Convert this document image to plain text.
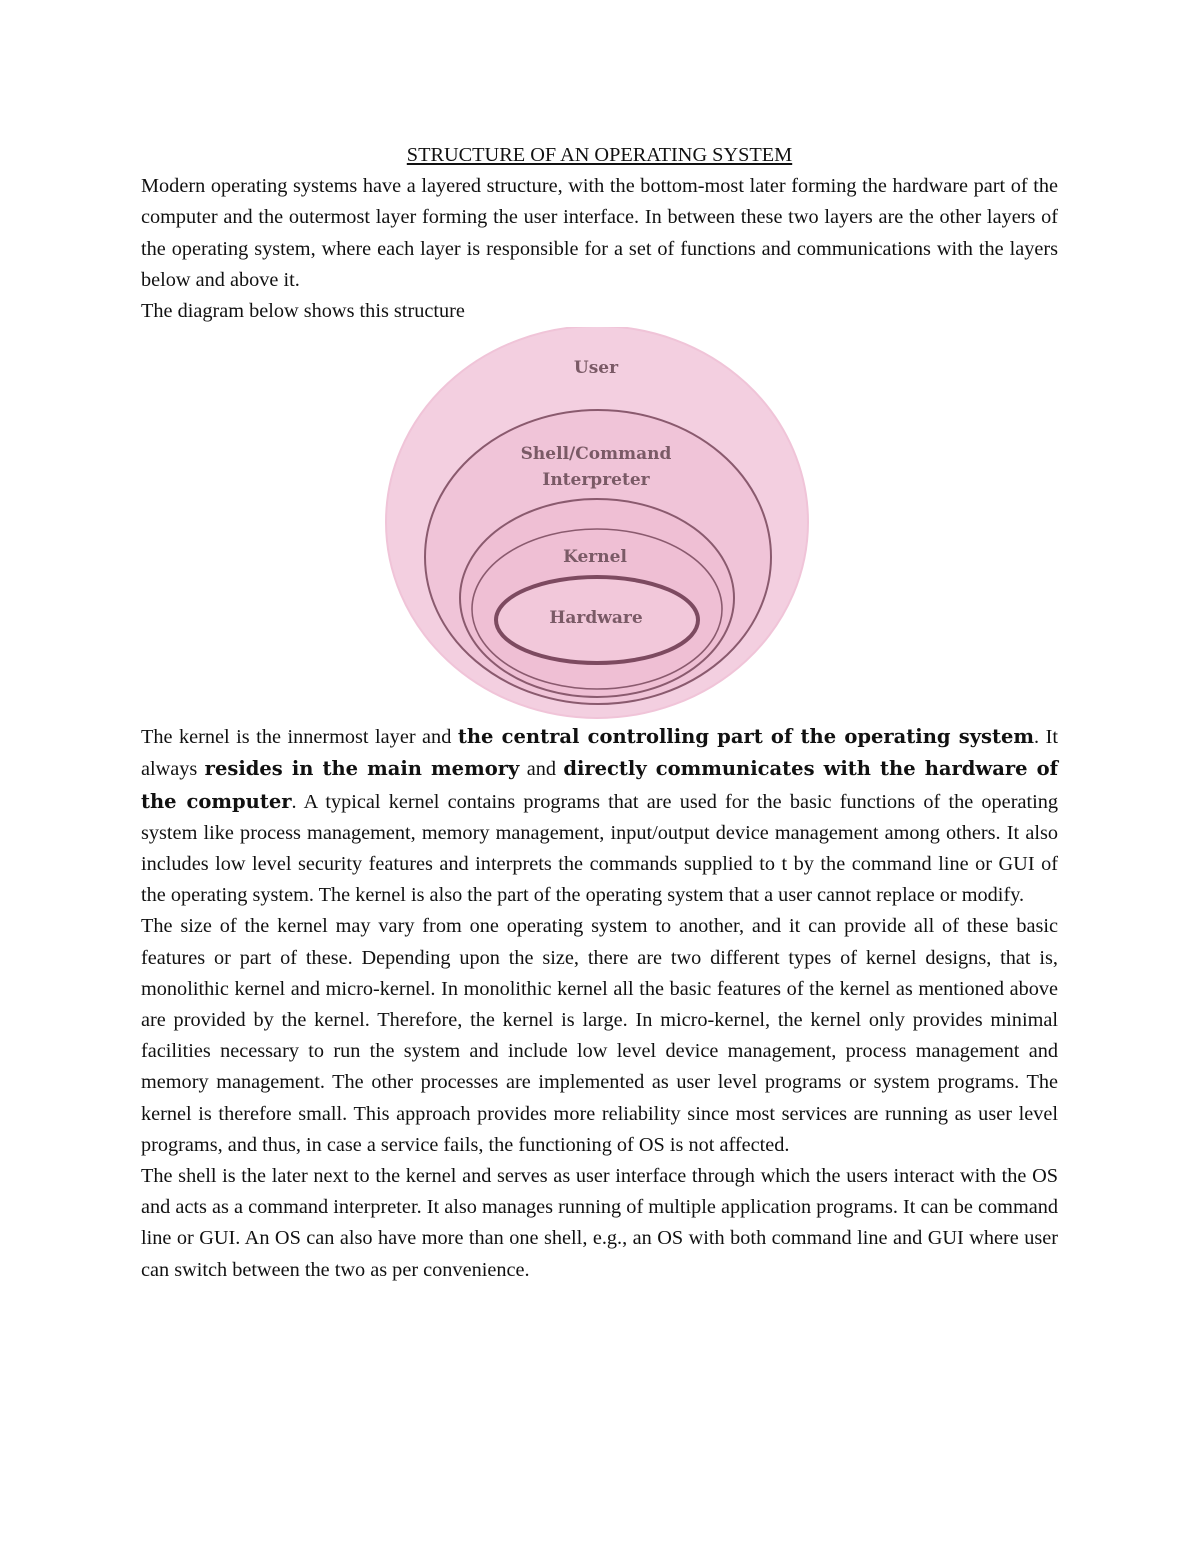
STRUCTURE OF AN OPERATING SYSTEM

Modern operating systems have a layered structure, with the bottom-most later forming the hardware part of the computer and the outermost layer forming the user interface. In between these two layers are the other layers of the operating system, where each layer is responsible for a set of functions and communications with the layers below and above it.

The diagram below shows this structure

User
Shell/Command
Interpreter
Kernel
Hardware

The kernel is the innermost layer and the central controlling part of the operating system. It always resides in the main memory and directly communicates with the hardware of the computer. A typical kernel contains programs that are used for the basic functions of the operating system like process management, memory management, input/output device management among others. It also includes low level security features and interprets the commands supplied to t by the command line or GUI of the operating system. The kernel is also the part of the operating system that a user cannot replace or modify.

The size of the kernel may vary from one operating system to another, and it can provide all of these basic features or part of these. Depending upon the size, there are two different types of kernel designs, that is, monolithic kernel and micro-kernel. In monolithic kernel all the basic features of the kernel as mentioned above are provided by the kernel. Therefore, the kernel is large. In micro-kernel, the kernel only provides minimal facilities necessary to run the system and include low level device management, process management and memory management. The other processes are implemented as user level programs or system programs. The kernel is therefore small. This approach provides more reliability since most services are running as user level programs, and thus, in case a service fails, the functioning of OS is not affected.

The shell is the later next to the kernel and serves as user interface through which the users interact with the OS and acts as a command interpreter. It also manages running of multiple application programs. It can be command line or GUI. An OS can also have more than one shell, e.g., an OS with both command line and GUI where user can switch between the two as per convenience.
